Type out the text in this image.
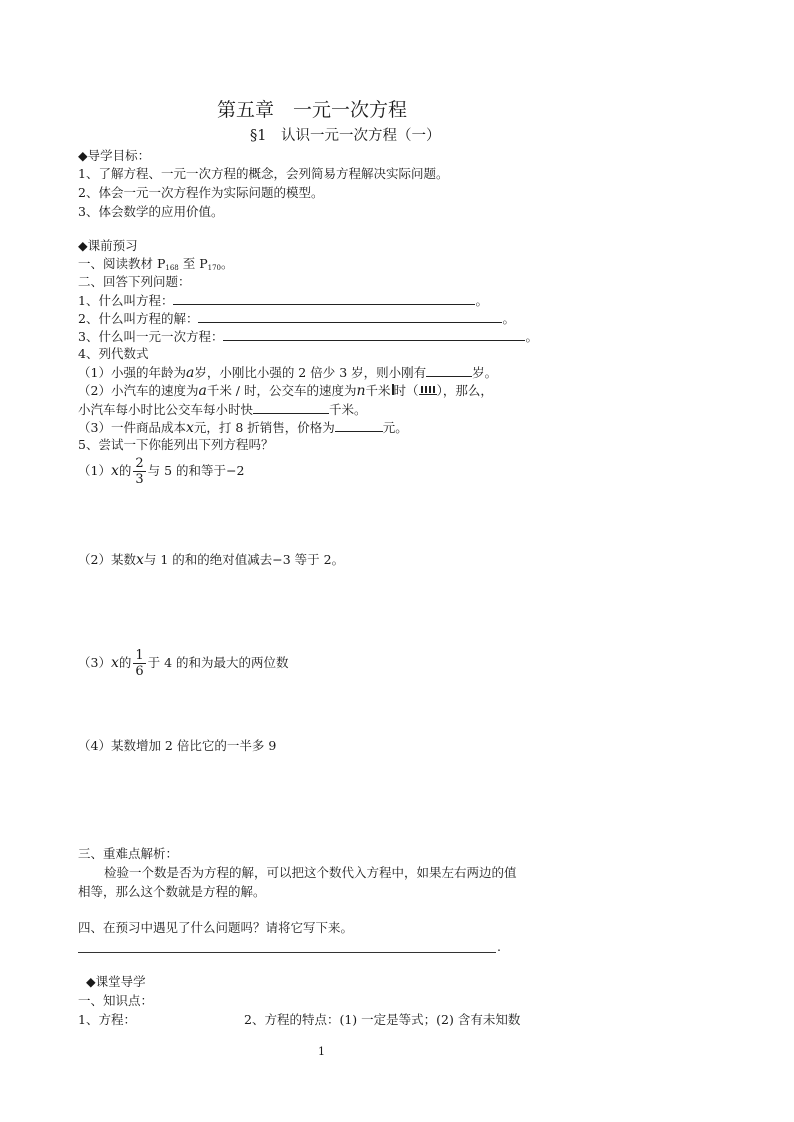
第五章　一元一次方程
§1　认识一元一次方程（一）
◆导学目标：
1、了解方程、一元一次方程的概念，会列简易方程解决实际问题。
2、体会一元一次方程作为实际问题的模型。
3、体会数学的应用价值。
◆课前预习
一、阅读教材 $P_{168}$ 至 $P_{170}$。
二、回答下列问题：
1、什么叫方程：	。
2、什么叫方程的解：	。
3、什么叫一元一次方程：	。
4、列代数式
（1）小强的年龄为a岁，小刚比小强的 2 倍少 3 岁，则小刚有	岁。
（2）小汽车的速度为a千米 / 时，公交车的速度为n千米 时（ ），那么，
小汽车每小时比公交车每小时快	千米。
（3）一件商品成本x元，打 8 折销售，价格为	元。
5、尝试一下你能列出下列方程吗？
（1）x的 $\frac{2}{3}$ 与 5 的和等于−2
（2）某数x与 1 的和的绝对值减去−3 等于 2。
（3）x的 $\frac{1}{6}$ 于 4 的和为最大的两位数
（4）某数增加 2 倍比它的一半多 9
三、重难点解析：
检验一个数是否为方程的解，可以把这个数代入方程中，如果左右两边的值
相等，那么这个数就是方程的解。
四、在预习中遇见了什么问题吗？请将它写下来。
.
◆课堂导学
一、知识点：
1、方程：	2、方程的特点：(1) 一定是等式；(2) 含有未知数
1
